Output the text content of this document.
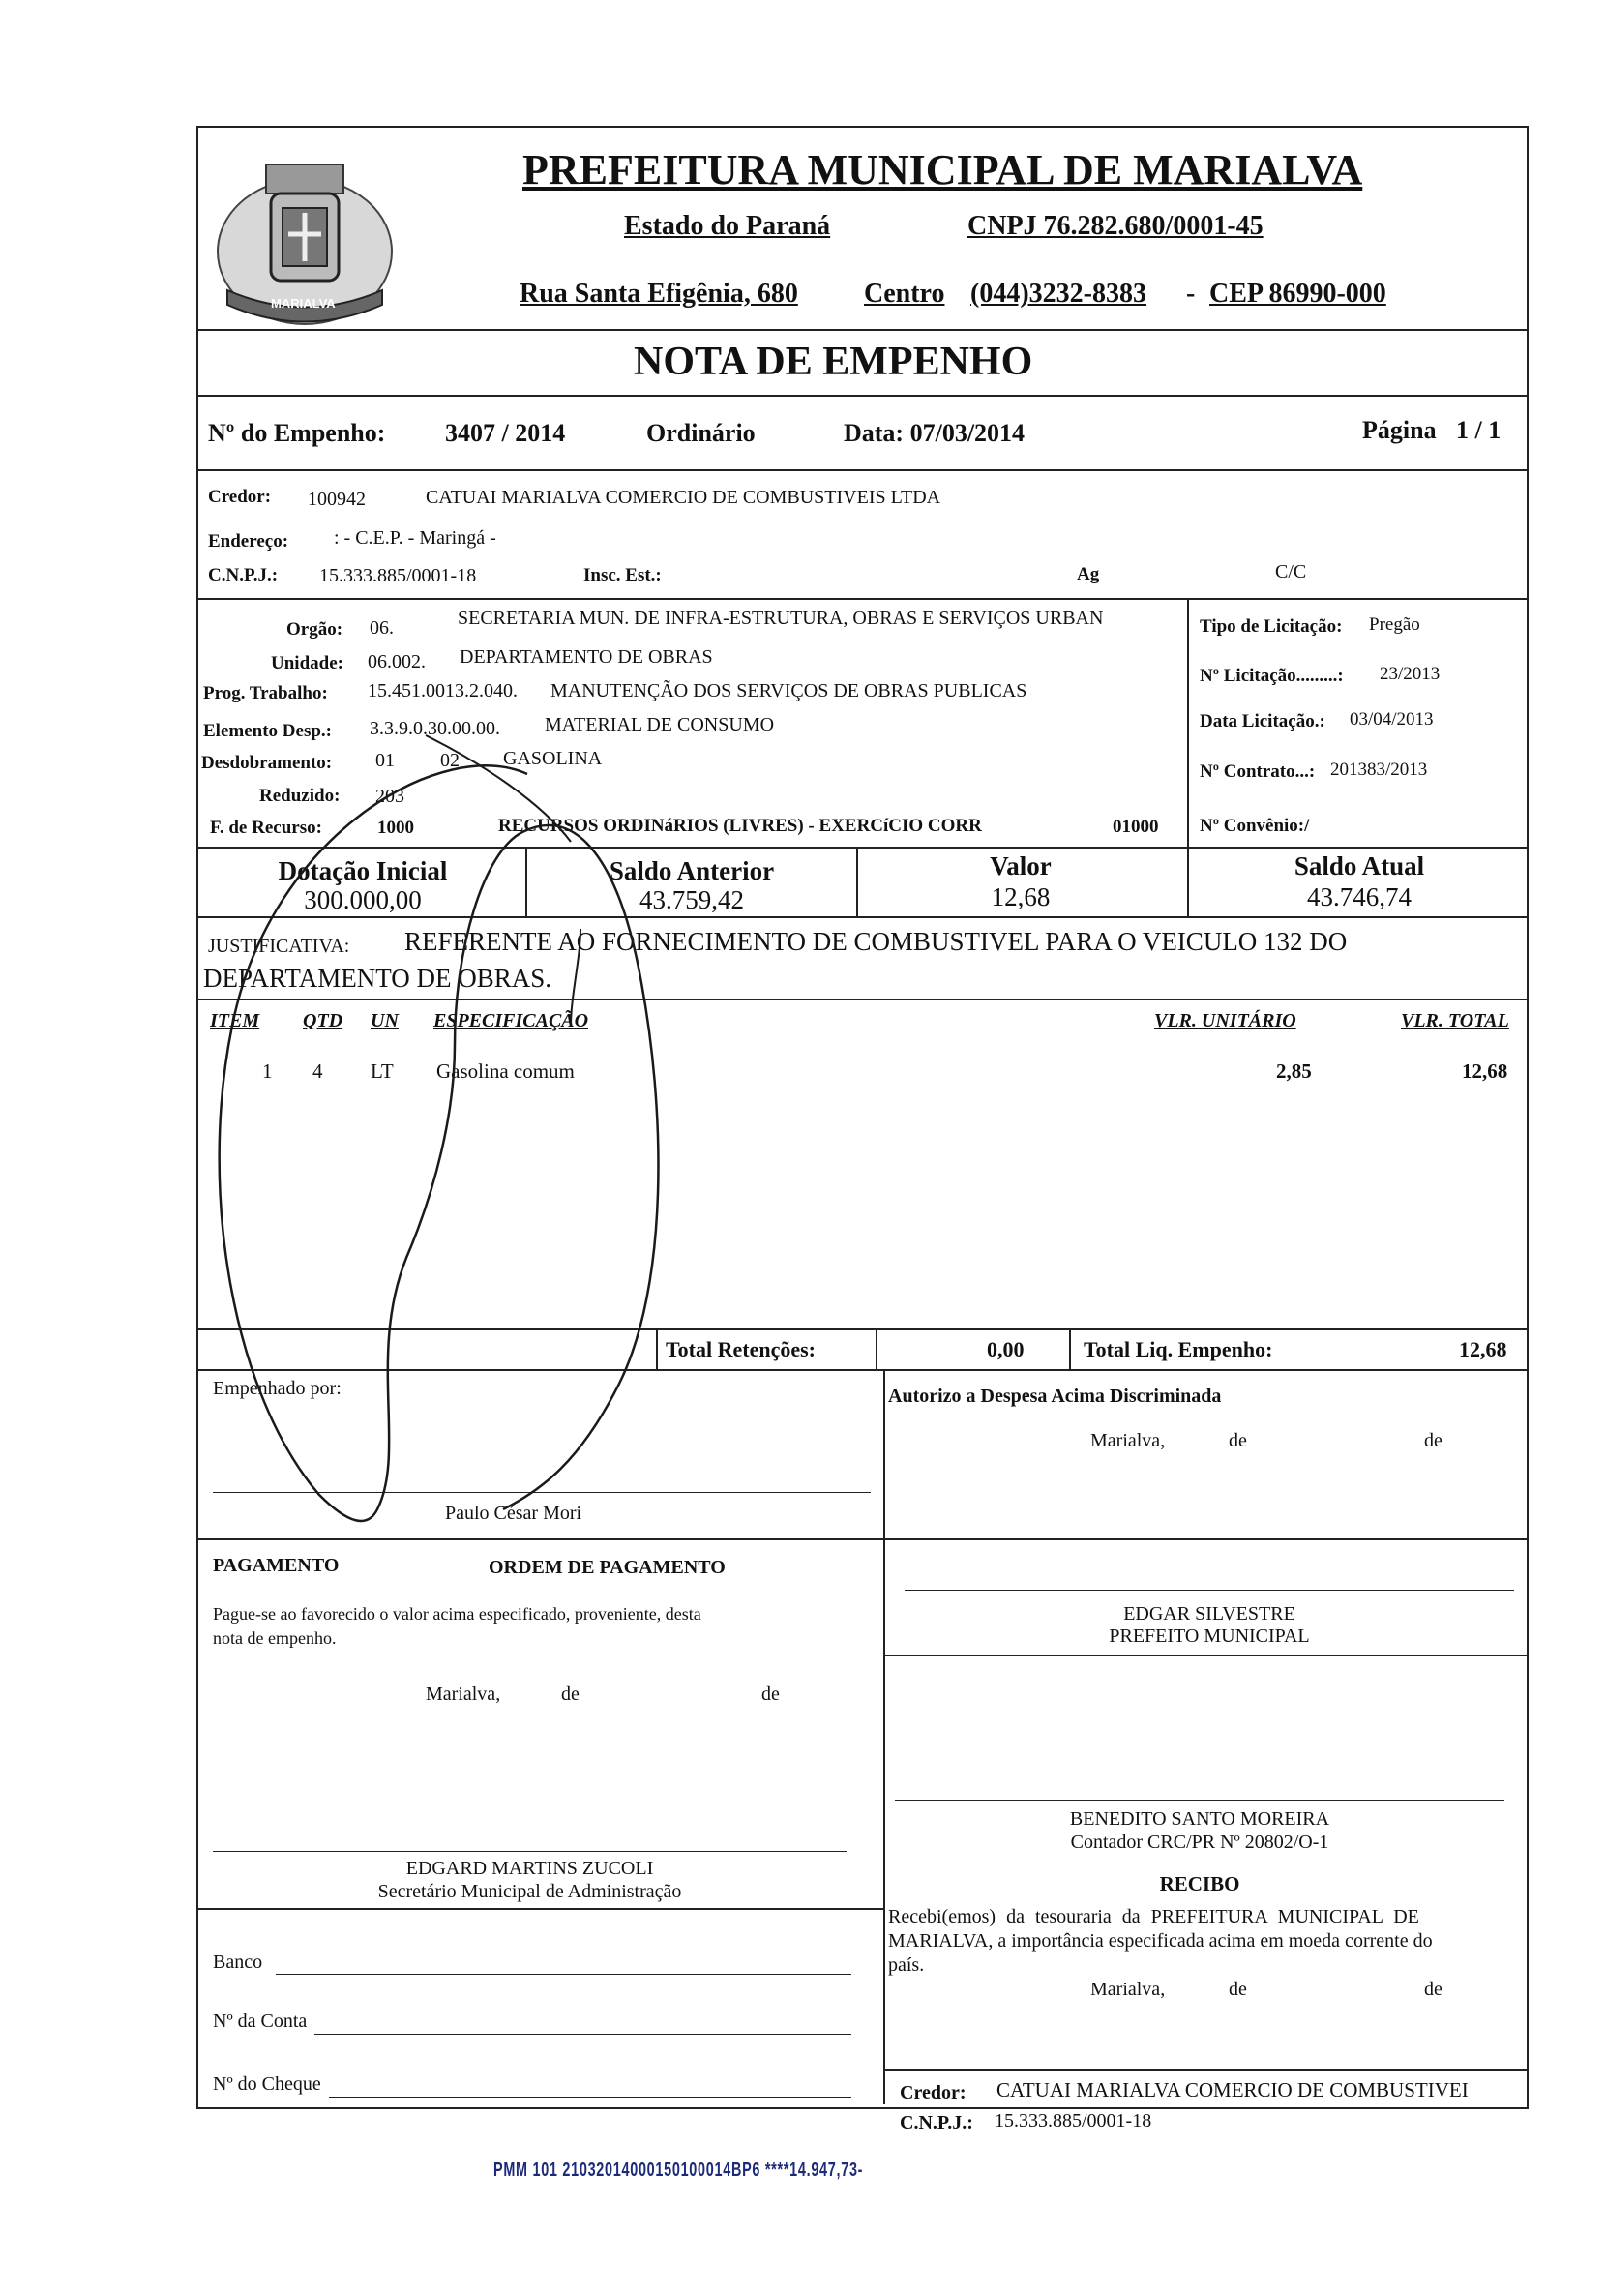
MARIALVA
PREFEITURA MUNICIPAL DE MARIALVA
Estado do Paraná	CNPJ 76.282.680/0001-45
Rua Santa Efigênia, 680 Centro (044)3232-8383 - CEP 86990-000
NOTA DE EMPENHO
Nº do Empenho: 3407 / 2014	Ordinário	Data: 07/03/2014	Página 1 / 1
Credor: 100942	CATUAI MARIALVA COMERCIO DE COMBUSTIVEIS LTDA
Endereço: : - C.E.P. - Maringá -
C.N.P.J.: 15.333.885/0001-18	Insc. Est.:	Ag	C/C
Orgão: 06.	SECRETARIA MUN. DE INFRA-ESTRUTURA, OBRAS E SERVIÇOS URBAN
Unidade: 06.002. DEPARTAMENTO DE OBRAS
Prog. Trabalho: 15.451.0013.2.040. MANUTENÇÃO DOS SERVIÇOS DE OBRAS PUBLICAS
Elemento Desp.: 3.3.9.0.30.00.00. MATERIAL DE CONSUMO
Desdobramento: 01 02 GASOLINA
Reduzido: 203
F. de Recurso:	1000	RECURSOS ORDINáRIOS (LIVRES) - EXERCíCIO CORR	01000
Tipo de Licitação: Pregão
Nº Licitação.........: 23/2013
Data Licitação.: 03/04/2013
Nº Contrato...: 201383/2013
Nº Convênio:/
Dotação Inicial
300.000,00
Saldo Anterior
43.759,42
Valor
12,68
Saldo Atual
43.746,74
JUSTIFICATIVA: REFERENTE AO FORNECIMENTO DE COMBUSTIVEL PARA O VEICULO 132 DO
DEPARTAMENTO DE OBRAS.
ITEM QTD UN ESPECIFICAÇÃO	VLR. UNITÁRIO	VLR. TOTAL
1 4 LT Gasolina comum	2,85	12,68
Total Retenções:	0,00	Total Liq. Empenho:	12,68
Empenhado por:
Paulo César Mori
Autorizo a Despesa Acima Discriminada
Marialva,	de	de
PAGAMENTO	ORDEM DE PAGAMENTO
Pague-se ao favorecido o valor acima especificado, proveniente, desta
nota de empenho.
Marialva,	de	de
EDGAR SILVESTRE
PREFEITO MUNICIPAL
BENEDITO SANTO MOREIRA
Contador CRC/PR Nº 20802/O-1
EDGARD MARTINS ZUCOLI
Secretário Municipal de Administração	RECIBO
Recebi(emos) da tesouraria da PREFEITURA MUNICIPAL DE
MARIALVA, a importância especificada acima em moeda corrente do
país.
Marialva,	de	de
Banco
Nº da Conta
Nº do Cheque	Credor: CATUAI MARIALVA COMERCIO DE COMBUSTIVEI
C.N.P.J.: 15.333.885/0001-18
PMM 101 21032014000150100014BP6 ****14.947,73-
